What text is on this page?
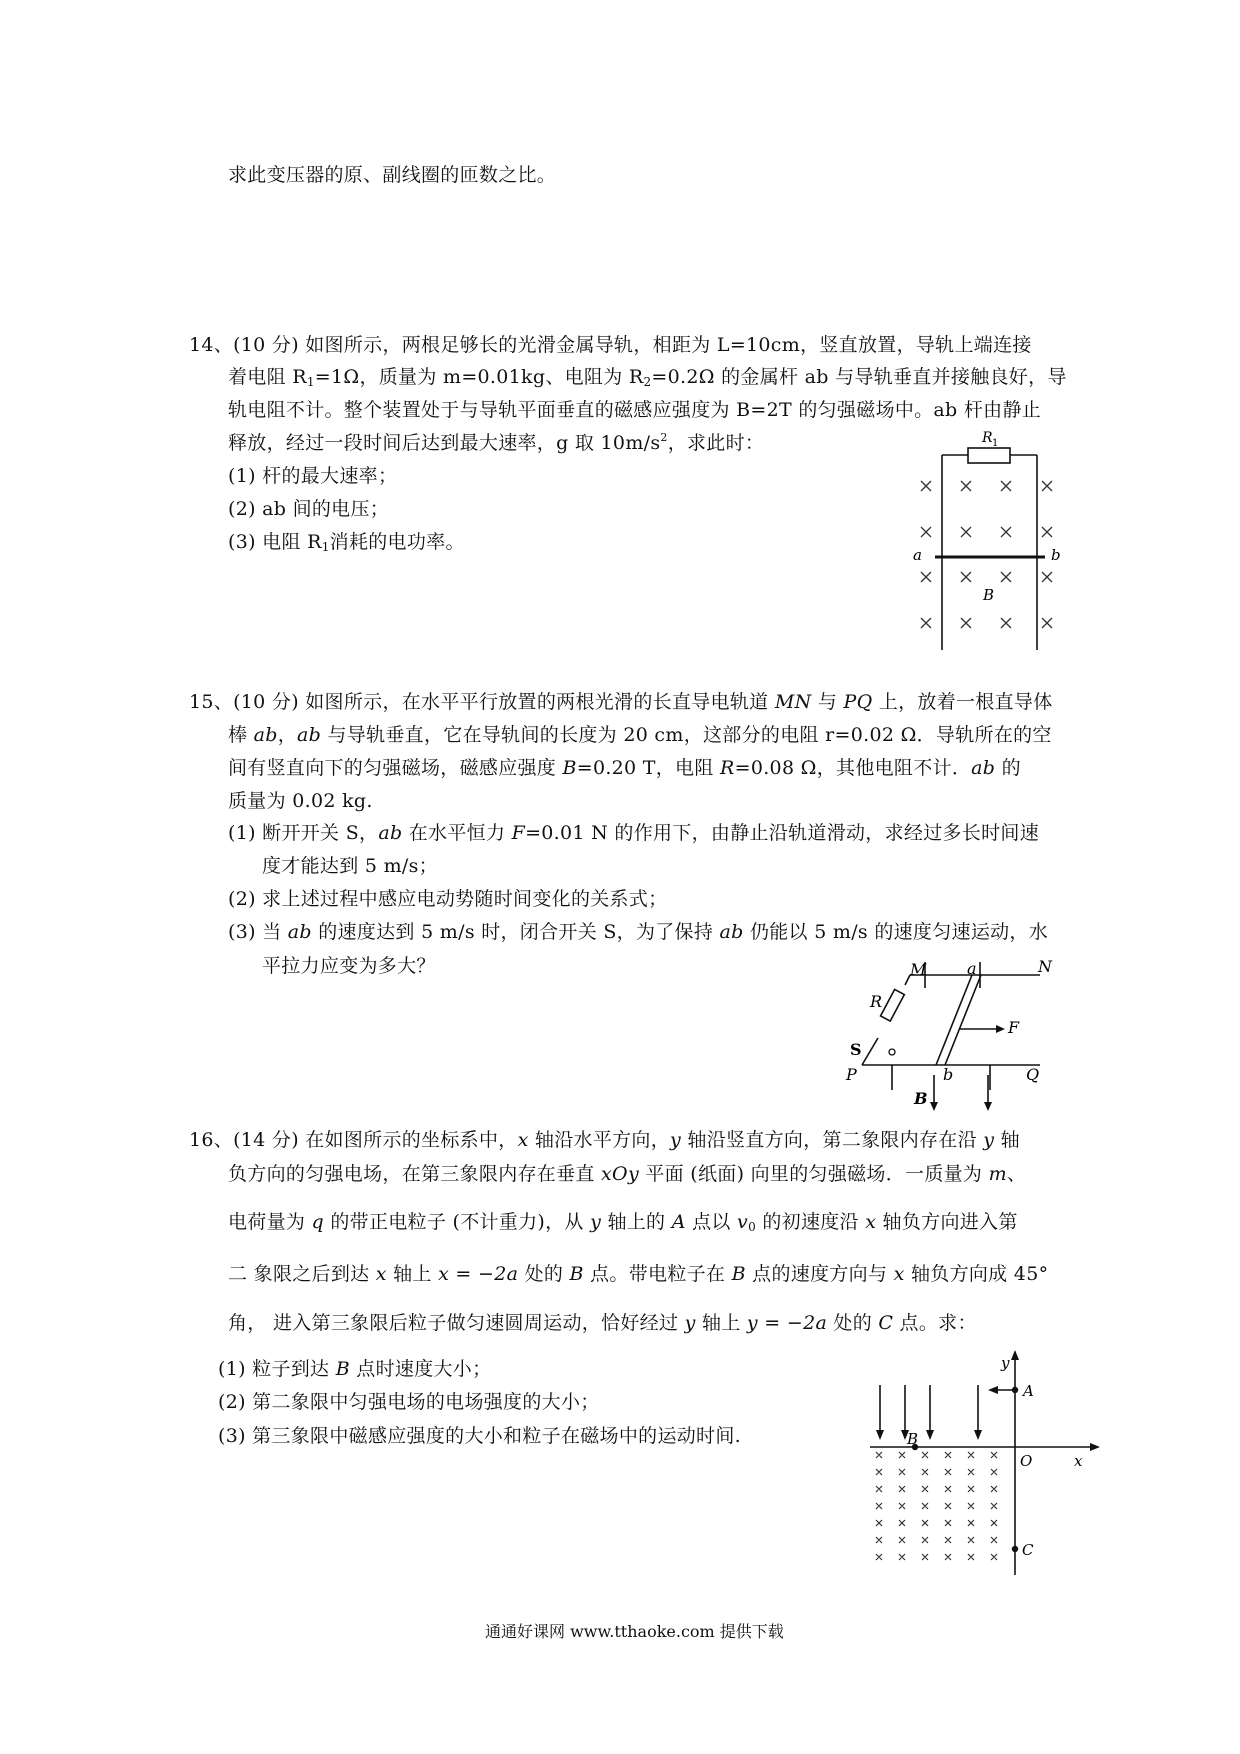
求此变压器的原、副线圈的匝数之比。
14、(10 分) 如图所示，两根足够长的光滑金属导轨，相距为 L=10cm，竖直放置，导轨上端连接
着电阻 $R_1=1\Omega$，质量为 m=0.01kg、电阻为 $R_2=0.2\Omega$ 的金属杆 ab 与导轨垂直并接触良好，导
轨电阻不计。整个装置处于与导轨平面垂直的磁感应强度为 B=2T 的匀强磁场中。ab 杆由静止
释放，经过一段时间后达到最大速率，g 取 $10m/s^2$，求此时：
(1) 杆的最大速率；
(2) ab 间的电压；
(3) 电阻 $R_1$消耗的电功率。
R 1
a	b
B
15、(10 分) 如图所示，在水平平行放置的两根光滑的长直导电轨道 MN 与 PQ 上，放着一根直导体
棒 ab，ab 与导轨垂直，它在导轨间的长度为 20 cm，这部分的电阻 r=0.02 Ω．导轨所在的空
间有竖直向下的匀强磁场，磁感应强度 B=0.20 T，电阻 R=0.08 Ω，其他电阻不计．ab 的
质量为 0.02 kg.
(1) 断开开关 S，ab 在水平恒力 F=0.01 N 的作用下，由静止沿轨道滑动，求经过多长时间速
度才能达到 5 m/s；
(2) 求上述过程中感应电动势随时间变化的关系式；
(3) 当 ab 的速度达到 5 m/s 时，闭合开关 S，为了保持 ab 仍能以 5 m/s 的速度匀速运动，水
平拉力应变为多大？	M	a	N
R
S
F
P	b	Q
B
16、(14 分) 在如图所示的坐标系中，x 轴沿水平方向，y 轴沿竖直方向，第二象限内存在沿 y 轴
负方向的匀强电场，在第三象限内存在垂直 xOy 平面 (纸面) 向里的匀强磁场．一质量为 m、
电荷量为 q 的带正电粒子 (不计重力)，从 y 轴上的 A 点以 $v_0$ 的初速度沿 x 轴负方向进入第
二 象限之后到达 x 轴上 x = −2a 处的 B 点。带电粒子在 B 点的速度方向与 x 轴负方向成 45°
角， 进入第三象限后粒子做匀速圆周运动，恰好经过 y 轴上 y = −2a 处的 C 点。求：
(1) 粒子到达 B 点时速度大小；
(2) 第二象限中匀强电场的电场强度的大小；
(3) 第三象限中磁感应强度的大小和粒子在磁场中的运动时间.
y
A
B
O	x
C
通通好课网 www.tthaoke.com 提供下载
